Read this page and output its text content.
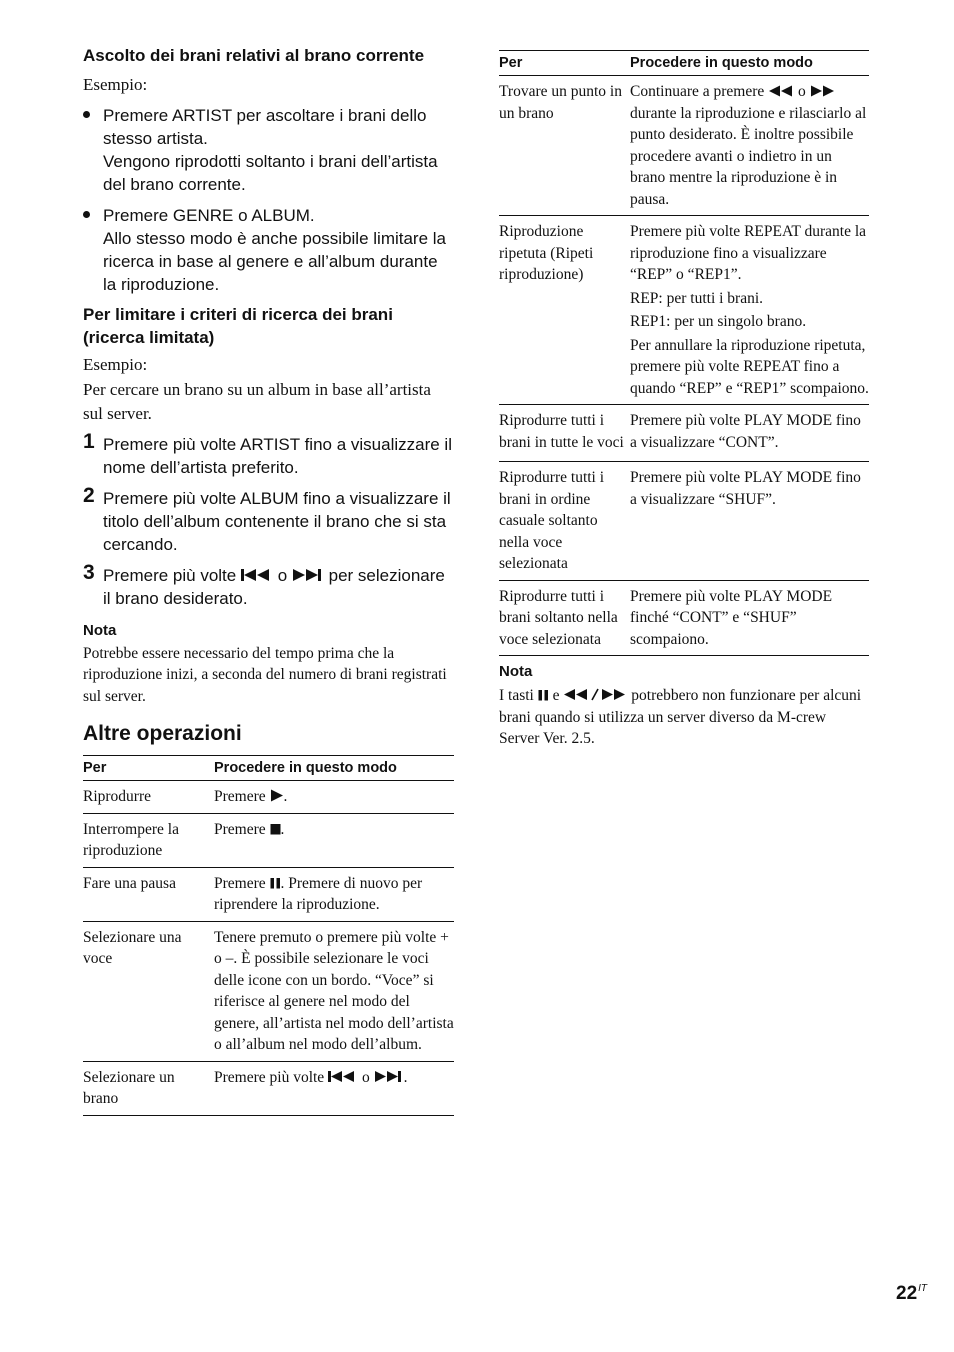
Ascolto dei brani relativi al brano corrente

Esempio:

Premere ARTIST per ascoltare i brani dello stesso artista.
Vengono riprodotti soltanto i brani dell’artista del brano corrente.
Premere GENRE o ALBUM.
Allo stesso modo è anche possibile limitare la ricerca in base al genere e all’album durante la riproduzione.

Per limitare i criteri di ricerca dei brani (ricerca limitata)

Esempio:

Per cercare un brano su un album in base all’artista sul server.

1 Premere più volte ARTIST fino a visualizzare il nome dell’artista preferito.
2 Premere più volte ALBUM fino a visualizzare il titolo dell’album contenente il brano che si sta cercando.
3 Premere più volte o per selezionare il brano desiderato.

Nota

Potrebbe essere necessario del tempo prima che la riproduzione inizi, a seconda del numero di brani registrati sul server.

Altre operazioni

Per	Procedere in questo modo
Riprodurre	Premere .
Interrompere la riproduzione	Premere .
Fare una pausa	Premere . Premere di nuovo per riprendere la riproduzione.
Selezionare una voce	Tenere premuto o premere più volte + o –. È possibile selezionare le voci delle icone con un bordo. “Voce” si riferisce al genere nel modo del genere, all’artista nel modo dell’artista o all’album nel modo dell’album.
Selezionare un brano	Premere più volte o .
Per	Procedere in questo modo
Trovare un punto in un brano	Continuare a premere o  durante la riproduzione e rilasciarlo al punto desiderato. È inoltre possibile procedere avanti o indietro in un brano mentre la riproduzione è in pausa.
Riproduzione ripetuta (Ripeti riproduzione)	Premere più volte REPEAT durante la riproduzione fino a visualizzare “REP” o “REP1”.

REP: per tutti i brani.

REP1: per un singolo brano.

Per annullare la riproduzione ripetuta, premere più volte REPEAT fino a quando “REP” e “REP1” scompaiono.

Riprodurre tutti i brani in tutte le voci	Premere più volte PLAY MODE fino a visualizzare “CONT”.
Riprodurre tutti i brani in ordine casuale soltanto nella voce selezionata	Premere più volte PLAY MODE fino a visualizzare “SHUF”.
Riprodurre tutti i brani soltanto nella voce selezionata	Premere più volte PLAY MODE finché “CONT” e “SHUF” scompaiono.

Nota

I tasti e	potrebbero non funzionare per alcuni brani quando si utilizza un server diverso da M-crew Server Ver. 2.5.

$22^{IT}$
